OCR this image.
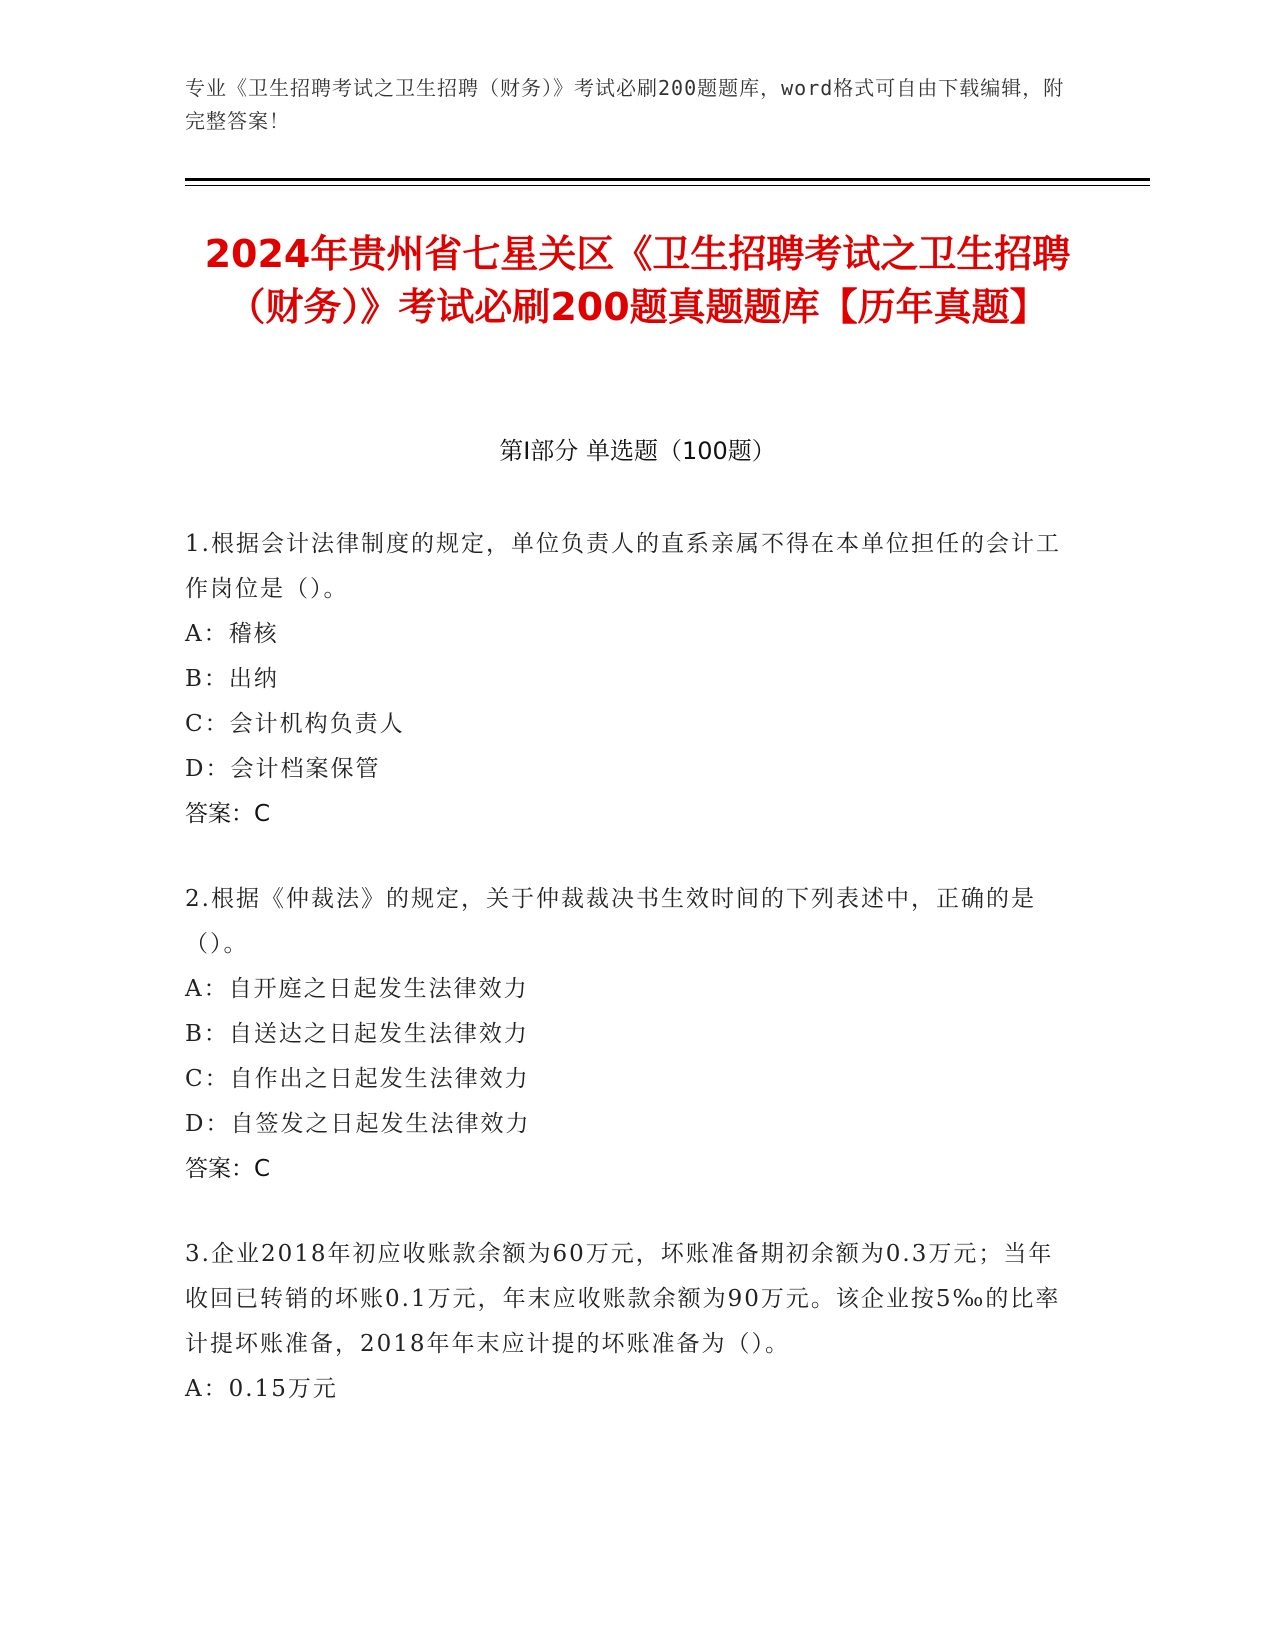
专业《卫生招聘考试之卫生招聘（财务）》考试必刷200题题库，word格式可自由下载编辑，附完整答案！
2024年贵州省七星关区《卫生招聘考试之卫生招聘（财务）》考试必刷200题真题题库【历年真题】
第Ⅰ部分 单选题（100题）

1.根据会计法律制度的规定，单位负责人的直系亲属不得在本单位担任的会计工作岗位是（）。

A：稽核

B：出纳

C：会计机构负责人

D：会计档案保管

答案：C

2.根据《仲裁法》的规定，关于仲裁裁决书生效时间的下列表述中，正确的是（）。

A：自开庭之日起发生法律效力

B：自送达之日起发生法律效力

C：自作出之日起发生法律效力

D：自签发之日起发生法律效力

答案：C

3.企业2018年初应收账款余额为60万元，坏账准备期初余额为0.3万元；当年收回已转销的坏账0.1万元，年末应收账款余额为90万元。该企业按5‰的比率计提坏账准备，2018年年末应计提的坏账准备为（）。

A：0.15万元
